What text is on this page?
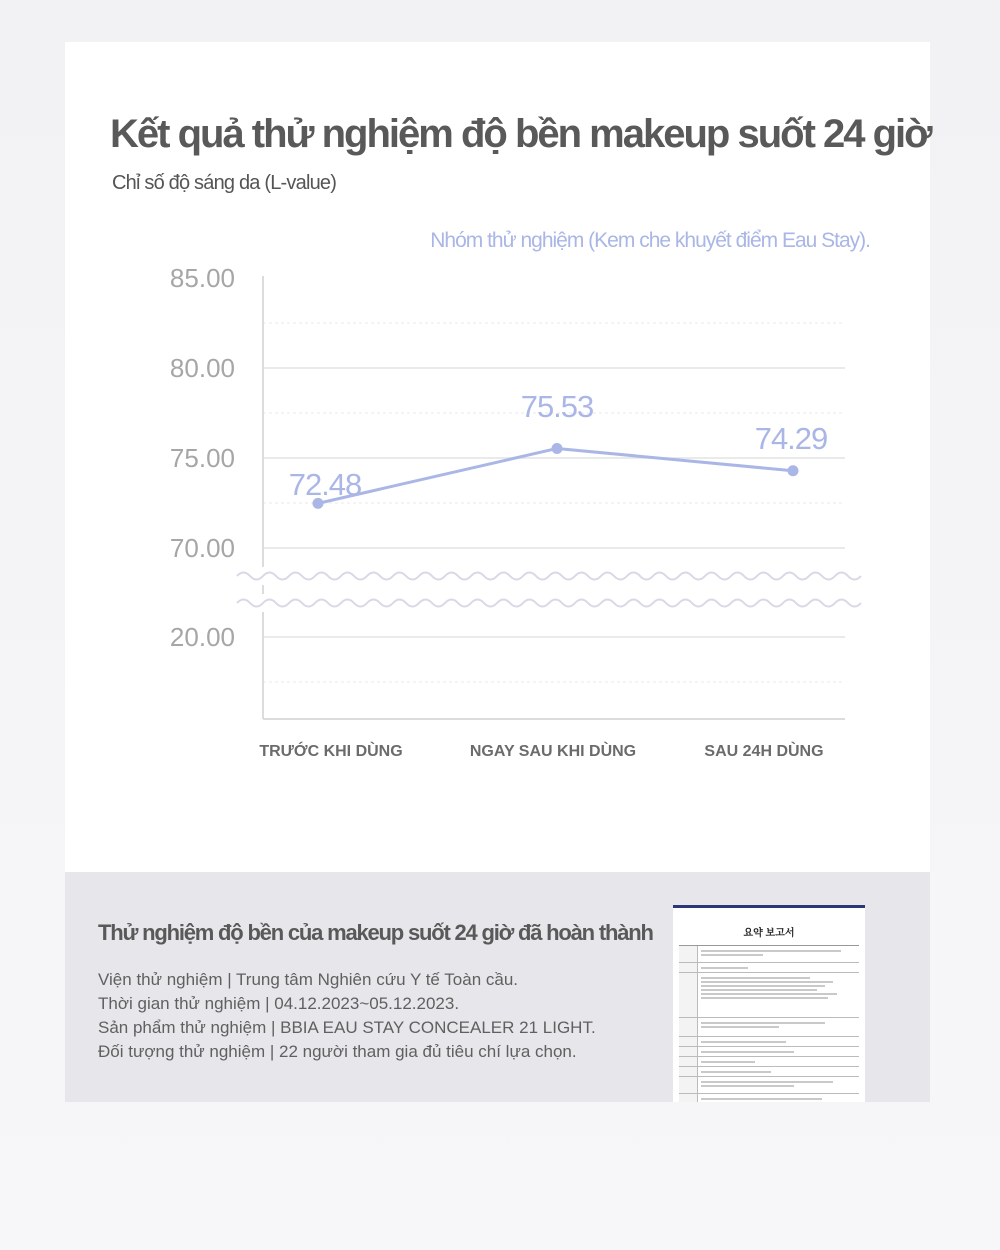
Kết quả thử nghiệm độ bền makeup suốt 24 giờ
Chỉ số độ sáng da (L-value)
Nhóm thử nghiệm (Kem che khuyết điểm Eau Stay).
85.00
80.00
75.00
70.00
20.00
TRƯỚC KHI DÙNG	NGAY SAU KHI DÙNG	SAU 24H DÙNG
72.48
75.53
74.29
Thử nghiệm độ bền của makeup suốt 24 giờ đã hoàn thành
Viện thử nghiệm | Trung tâm Nghiên cứu Y tế Toàn cầu.
Thời gian thử nghiệm | 04.12.2023~05.12.2023.
Sản phẩm thử nghiệm | BBIA EAU STAY CONCEALER 21 LIGHT.
Đối tượng thử nghiệm | 22 người tham gia đủ tiêu chí lựa chọn.
요약 보고서
